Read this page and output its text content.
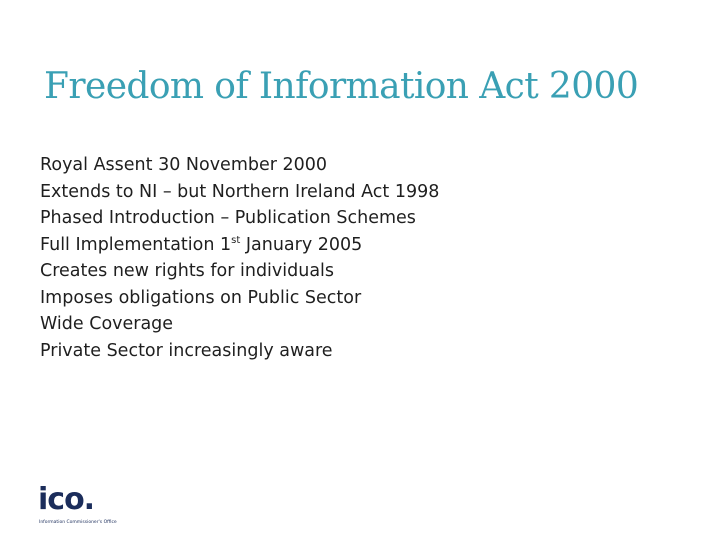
Freedom of Information Act 2000
Royal Assent 30 November 2000
Extends to NI – but Northern Ireland Act 1998
Phased Introduction – Publication Schemes
Full Implementation 1st January 2005
Creates new rights for individuals
Imposes obligations on Public Sector
Wide Coverage
Private Sector increasingly aware
ico.
Information Commissioner's Office
